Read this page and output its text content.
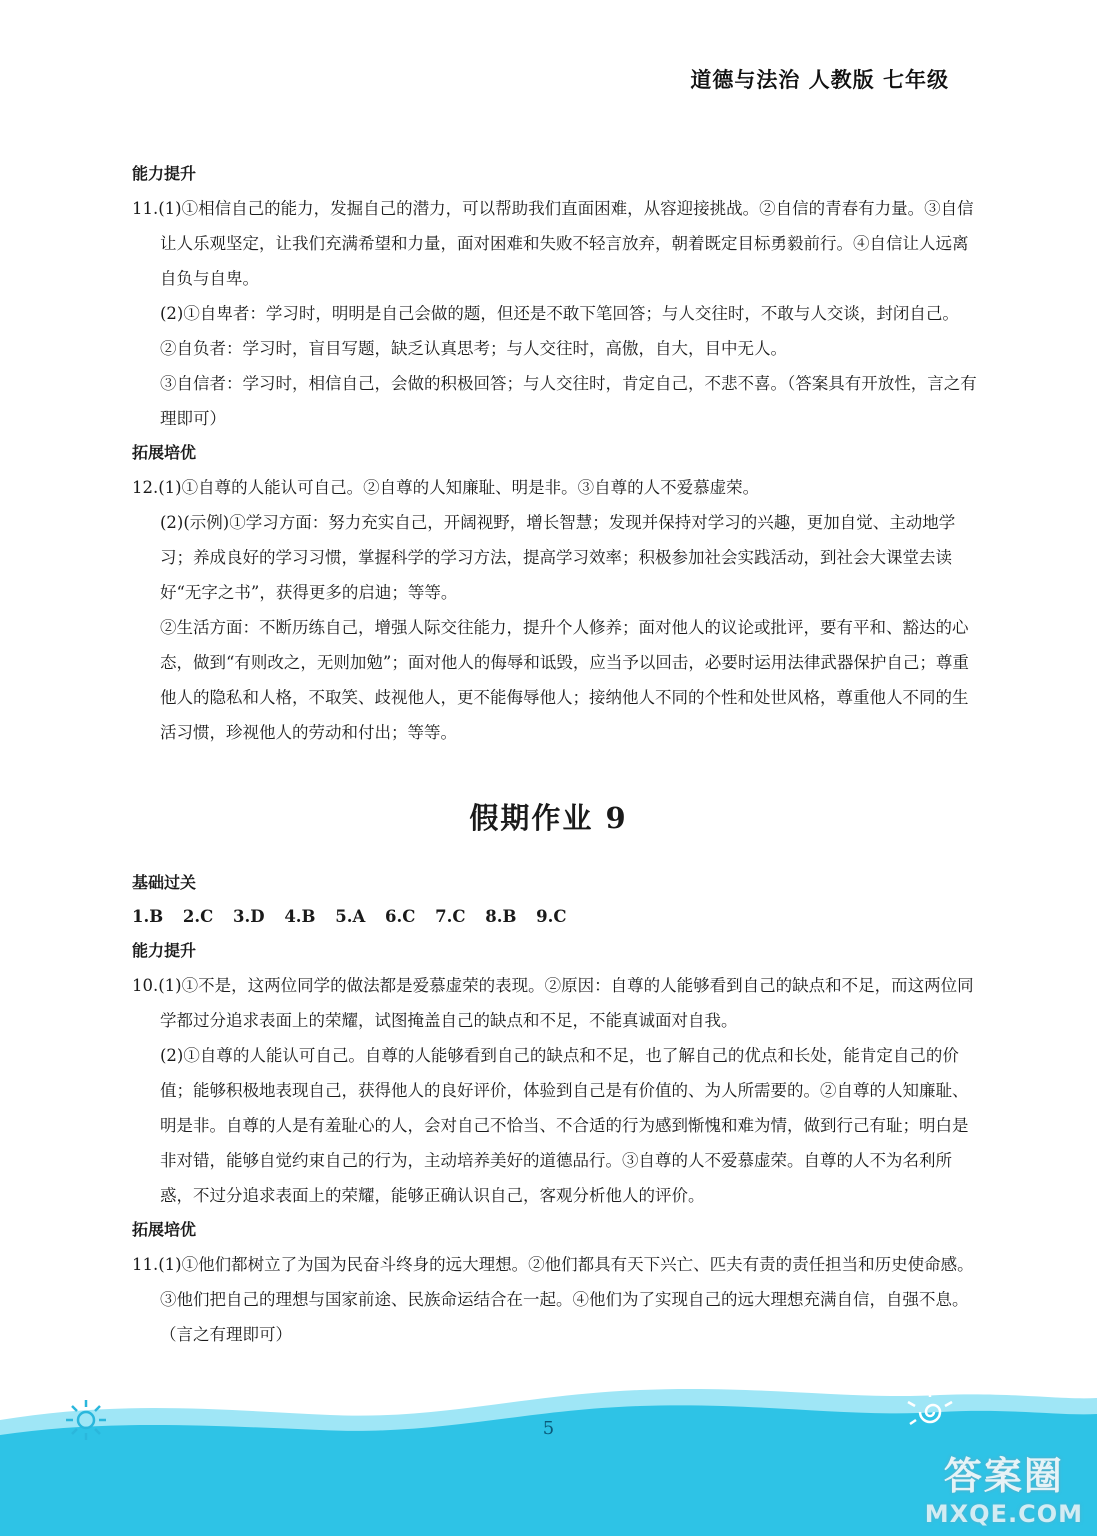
道德与法治 人教版 七年级
能力提升

11.(1)①相信自己的能力，发掘自己的潜力，可以帮助我们直面困难，从容迎接挑战。②自信的青春有力量。③自信让人乐观坚定，让我们充满希望和力量，面对困难和失败不轻言放弃，朝着既定目标勇毅前行。④自信让人远离自负与自卑。

(2)①自卑者：学习时，明明是自己会做的题，但还是不敢下笔回答；与人交往时，不敢与人交谈，封闭自己。

②自负者：学习时，盲目写题，缺乏认真思考；与人交往时，高傲，自大，目中无人。

③自信者：学习时，相信自己，会做的积极回答；与人交往时，肯定自己，不悲不喜。（答案具有开放性，言之有理即可）

拓展培优

12.(1)①自尊的人能认可自己。②自尊的人知廉耻、明是非。③自尊的人不爱慕虚荣。

(2)(示例)①学习方面：努力充实自己，开阔视野，增长智慧；发现并保持对学习的兴趣，更加自觉、主动地学习；养成良好的学习习惯，掌握科学的学习方法，提高学习效率；积极参加社会实践活动，到社会大课堂去读好“无字之书”，获得更多的启迪；等等。

②生活方面：不断历练自己，增强人际交往能力，提升个人修养；面对他人的议论或批评，要有平和、豁达的心态，做到“有则改之，无则加勉”；面对他人的侮辱和诋毁，应当予以回击，必要时运用法律武器保护自己；尊重他人的隐私和人格，不取笑、歧视他人，更不能侮辱他人；接纳他人不同的个性和处世风格，尊重他人不同的生活习惯，珍视他人的劳动和付出；等等。

假期作业 9
基础过关
1.B 2.C 3.D 4.B 5.A 6.C 7.C 8.B 9.C
能力提升

10.(1)①不是，这两位同学的做法都是爱慕虚荣的表现。②原因：自尊的人能够看到自己的缺点和不足，而这两位同学都过分追求表面上的荣耀，试图掩盖自己的缺点和不足，不能真诚面对自我。

(2)①自尊的人能认可自己。自尊的人能够看到自己的缺点和不足，也了解自己的优点和长处，能肯定自己的价值；能够积极地表现自己，获得他人的良好评价，体验到自己是有价值的、为人所需要的。②自尊的人知廉耻、明是非。自尊的人是有羞耻心的人，会对自己不恰当、不合适的行为感到惭愧和难为情，做到行己有耻；明白是非对错，能够自觉约束自己的行为，主动培养美好的道德品行。③自尊的人不爱慕虚荣。自尊的人不为名利所惑，不过分追求表面上的荣耀，能够正确认识自己，客观分析他人的评价。

拓展培优

11.(1)①他们都树立了为国为民奋斗终身的远大理想。②他们都具有天下兴亡、匹夫有责的责任担当和历史使命感。③他们把自己的理想与国家前途、民族命运结合在一起。④他们为了实现自己的远大理想充满自信，自强不息。（言之有理即可）

5
答案圈
MXQE.COM
